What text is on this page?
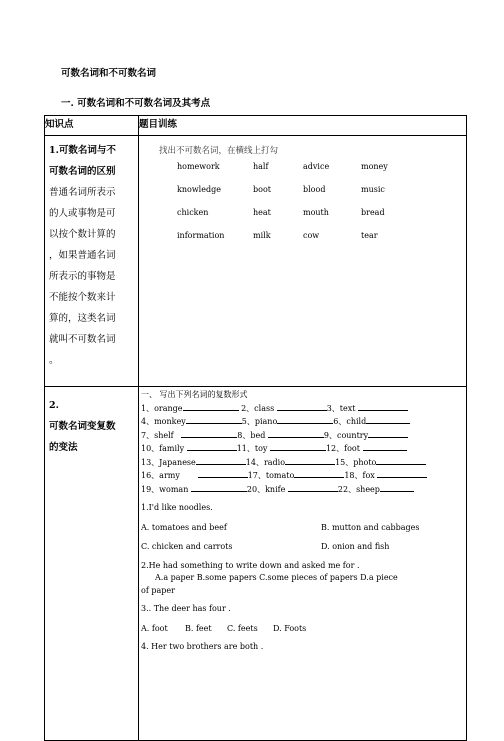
可数名词和不可数名词
一. 可数名词和不可数名词及其考点
知识点	题目训练

1.可数名词与不
可数名词的区别
普通名词所表示
的人或事物是可
以按个数计算的
，如果普通名词
所表示的事物是
不能按个数来计
算的，这类名词
就叫不可数名词
。

找出不可数名词，在横线上打勾
homework	half	advice	money
knowledge	boot	blood	music
chicken	heat	mouth	bread
information	milk	cow	tear

2.
可数名词变复数
的变法

一、 写出下列名词的复数形式

1、orange	2、class	3、text

4、monkey	5、piano	6、child

7、shelf	8、bed	9、country

10、family	11、toy	12、foot

13、Japanese	14、radio	15、photo

16、army	17、tomato	18、fox

19、woman	20、knife	22、sheep

1.I'd like noodles.

A. tomatoes and beef	B. mutton and cabbages
C. chicken and carrots	D. onion and fish

2.He had something to write down and asked me for .

A.a paper B.some papers C.some pieces of papers D.a piece

of paper

3.. The deer has four .

A. foot	B. feet	C. feets	D. Foots

4. Her two brothers are both .
